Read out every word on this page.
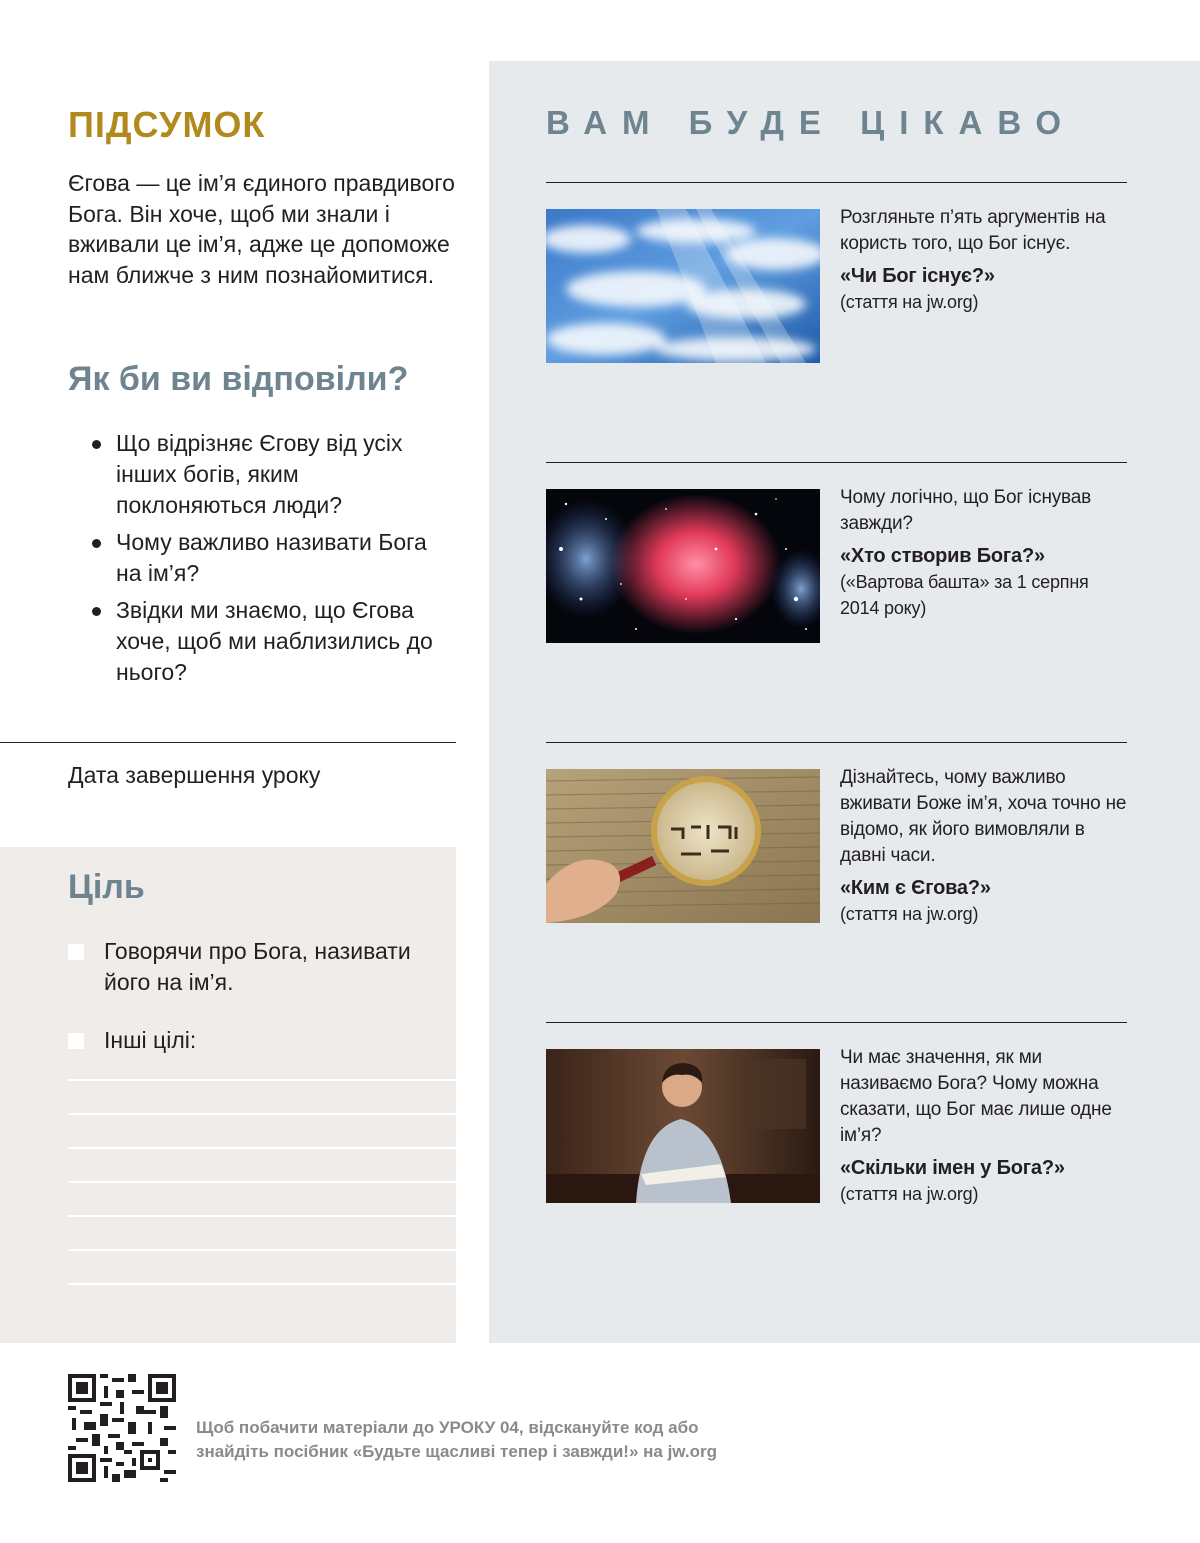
ПІДСУМОК

Єгова — це ім’я єдиного правдивого Бога. Він хоче, щоб ми знали і вживали це ім’я, адже це допоможе нам ближче з ним познайомитися.

Як би ви відповіли?
Що відрізняє Єгову від усіх інших богів, яким поклоняються люди?
Чому важливо називати Бога на ім’я?
Звідки ми знаємо, що Єгова хоче, щоб ми наблизились до нього?
Дата завершення уроку
Ціль
Говорячи про Бога, називати його на ім’я.
Інші цілі:
ВАМ БУДЕ ЦІКАВО

Розгляньте п’ять аргументів на користь того, що Бог існує.

«Чи Бог існує?»

(стаття на jw.org)

Чому логічно, що Бог існував завжди?

«Хто створив Бога?»

(«Вартова башта» за 1 серпня 2014 року)

Дізнайтесь, чому важливо вживати Боже ім’я, хоча точно не відомо, як його вимовляли в давні часи.

«Ким є Єгова?»

(стаття на jw.org)

Чи має значення, як ми називаємо Бога? Чому можна сказати, що Бог має лише одне ім’я?

«Скільки імен у Бога?»

(стаття на jw.org)

Щоб побачити матеріали до УРОКУ 04, відскануйте код або знайдіть посібник «Будьте щасливі тепер і завжди!» на jw.org
